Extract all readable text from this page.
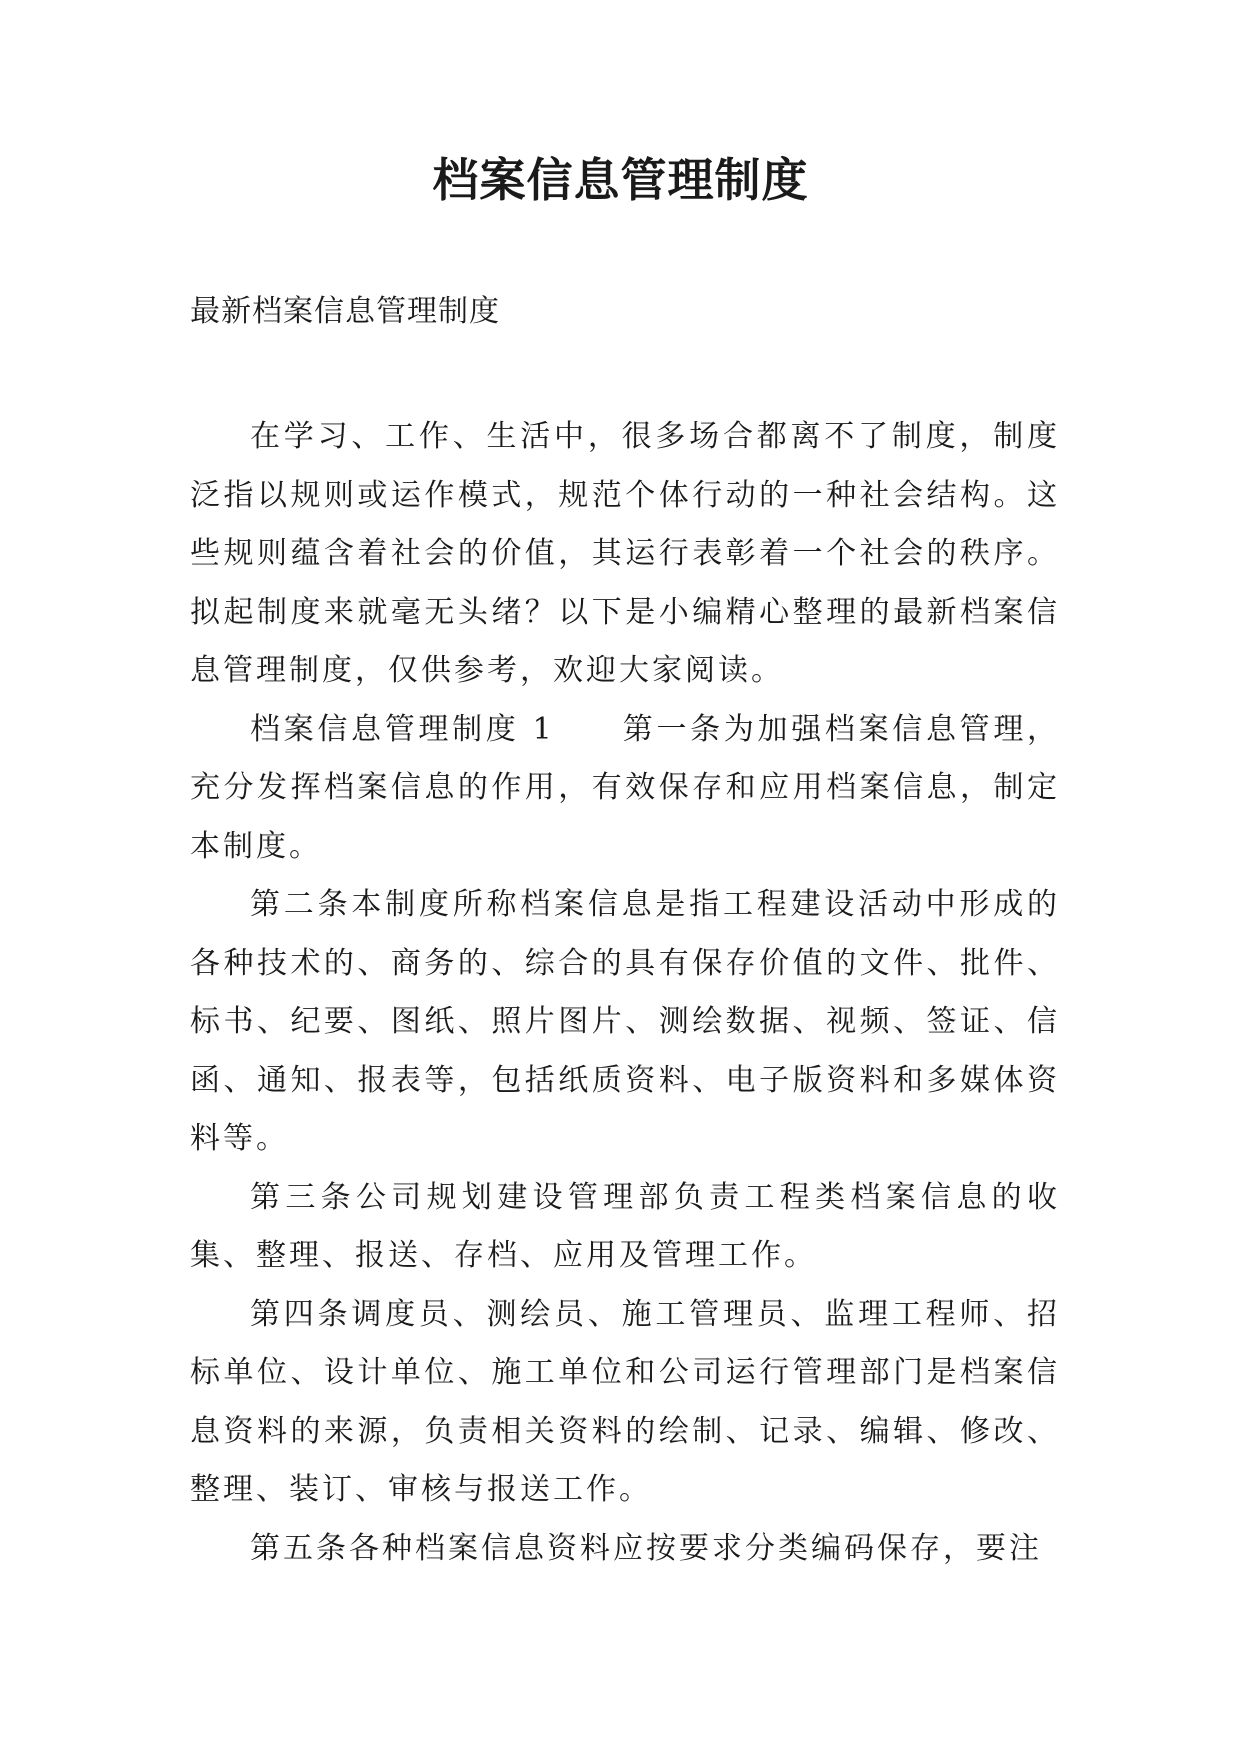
档案信息管理制度
最新档案信息管理制度

在学习、工作、生活中，很多场合都离不了制度，制度泛指以规则或运作模式，规范个体行动的一种社会结构。这些规则蕴含着社会的价值，其运行表彰着一个社会的秩序。拟起制度来就毫无头绪？以下是小编精心整理的最新档案信息管理制度，仅供参考，欢迎大家阅读。

档案信息管理制度 1　　第一条为加强档案信息管理，充分发挥档案信息的作用，有效保存和应用档案信息，制定本制度。

第二条本制度所称档案信息是指工程建设活动中形成的各种技术的、商务的、综合的具有保存价值的文件、批件、标书、纪要、图纸、照片图片、测绘数据、视频、签证、信函、通知、报表等，包括纸质资料、电子版资料和多媒体资料等。

第三条公司规划建设管理部负责工程类档案信息的收集、整理、报送、存档、应用及管理工作。

第四条调度员、测绘员、施工管理员、监理工程师、招标单位、设计单位、施工单位和公司运行管理部门是档案信息资料的来源，负责相关资料的绘制、记录、编辑、修改、整理、装订、审核与报送工作。

第五条各种档案信息资料应按要求分类编码保存，要注
